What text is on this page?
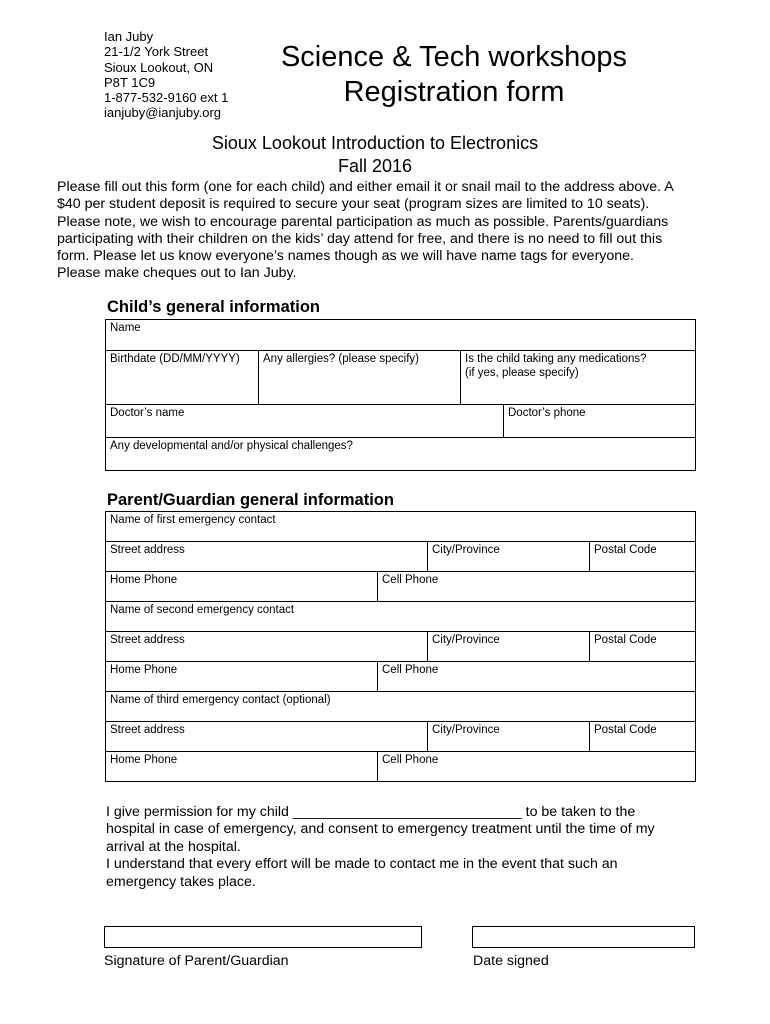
Ian Juby
21-1/2 York Street
Sioux Lookout, ON
P8T 1C9
1-877-532-9160 ext 1
ianjuby@ianjuby.org
Science & Tech workshops
Registration form
Sioux Lookout Introduction to Electronics
Fall 2016
Please fill out this form (one for each child) and either email it or snail mail to the address above. A
$40 per student deposit is required to secure your seat (program sizes are limited to 10 seats).
Please note, we wish to encourage parental participation as much as possible. Parents/guardians
participating with their children on the kids’ day attend for free, and there is no need to fill out this
form. Please let us know everyone’s names though as we will have name tags for everyone.
Please make cheques out to Ian Juby.
Child’s general information
Name			
Birthdate (DD/MM/YYYY)	Any allergies? (please specify)	Is the child taking any medications?
(if yes, please specify)	

Doctor’s name			Doctor’s phone
Any developmental and/or physical challenges?			
Parent/Guardian general information
Name of first emergency contact			
Street address		City/Province	Postal Code
Home Phone	Cell Phone		
Name of second emergency contact			
Street address		City/Province	Postal Code
Home Phone	Cell Phone		
Name of third emergency contact (optional)			
Street address		City/Province	Postal Code
Home Phone	Cell Phone		
I give permission for my child _____________________________ to be taken to the
hospital in case of emergency, and consent to emergency treatment until the time of my
arrival at the hospital.
I understand that every effort will be made to contact me in the event that such an
emergency takes place.
Signature of Parent/Guardian	Date signed
